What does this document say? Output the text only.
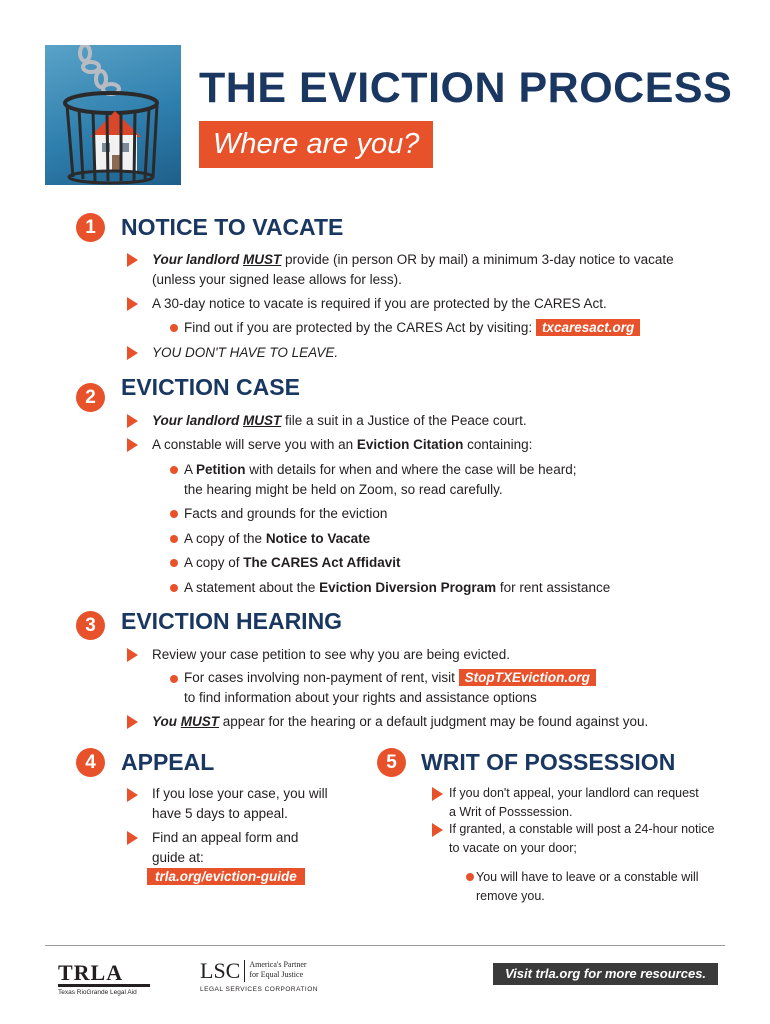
THE EVICTION PROCESS
Where are you?
1	NOTICE TO VACATE
Your landlord MUST provide (in person OR by mail) a minimum 3-day notice to vacate
(unless your signed lease allows for less).
A 30-day notice to vacate is required if you are protected by the CARES Act.
Find out if you are protected by the CARES Act by visiting: txcaresact.org
YOU DON'T HAVE TO LEAVE.
2	EVICTION CASE
Your landlord MUST file a suit in a Justice of the Peace court.
A constable will serve you with an Eviction Citation containing:
A Petition with details for when and where the case will be heard;
the hearing might be held on Zoom, so read carefully.
Facts and grounds for the eviction
A copy of the Notice to Vacate
A copy of The CARES Act Affidavit
A statement about the Eviction Diversion Program for rent assistance
3	EVICTION HEARING
Review your case petition to see why you are being evicted.
For cases involving non-payment of rent, visit StopTXEviction.org
to find information about your rights and assistance options
You MUST appear for the hearing or a default judgment may be found against you.
4	APPEAL
If you lose your case, you will
have 5 days to appeal.
Find an appeal form and
guide at:
trla.org/eviction-guide
5	WRIT OF POSSESSION
If you don't appeal, your landlord can request
a Writ of Posssession.
If granted, a constable will post a 24-hour notice
to vacate on your door;
You will have to leave or a constable will
remove you.
TRLA
Texas RioGrande Legal Aid
LSC	America's Partner
for Equal Justice
LEGAL SERVICES CORPORATION
Visit trla.org for more resources.
